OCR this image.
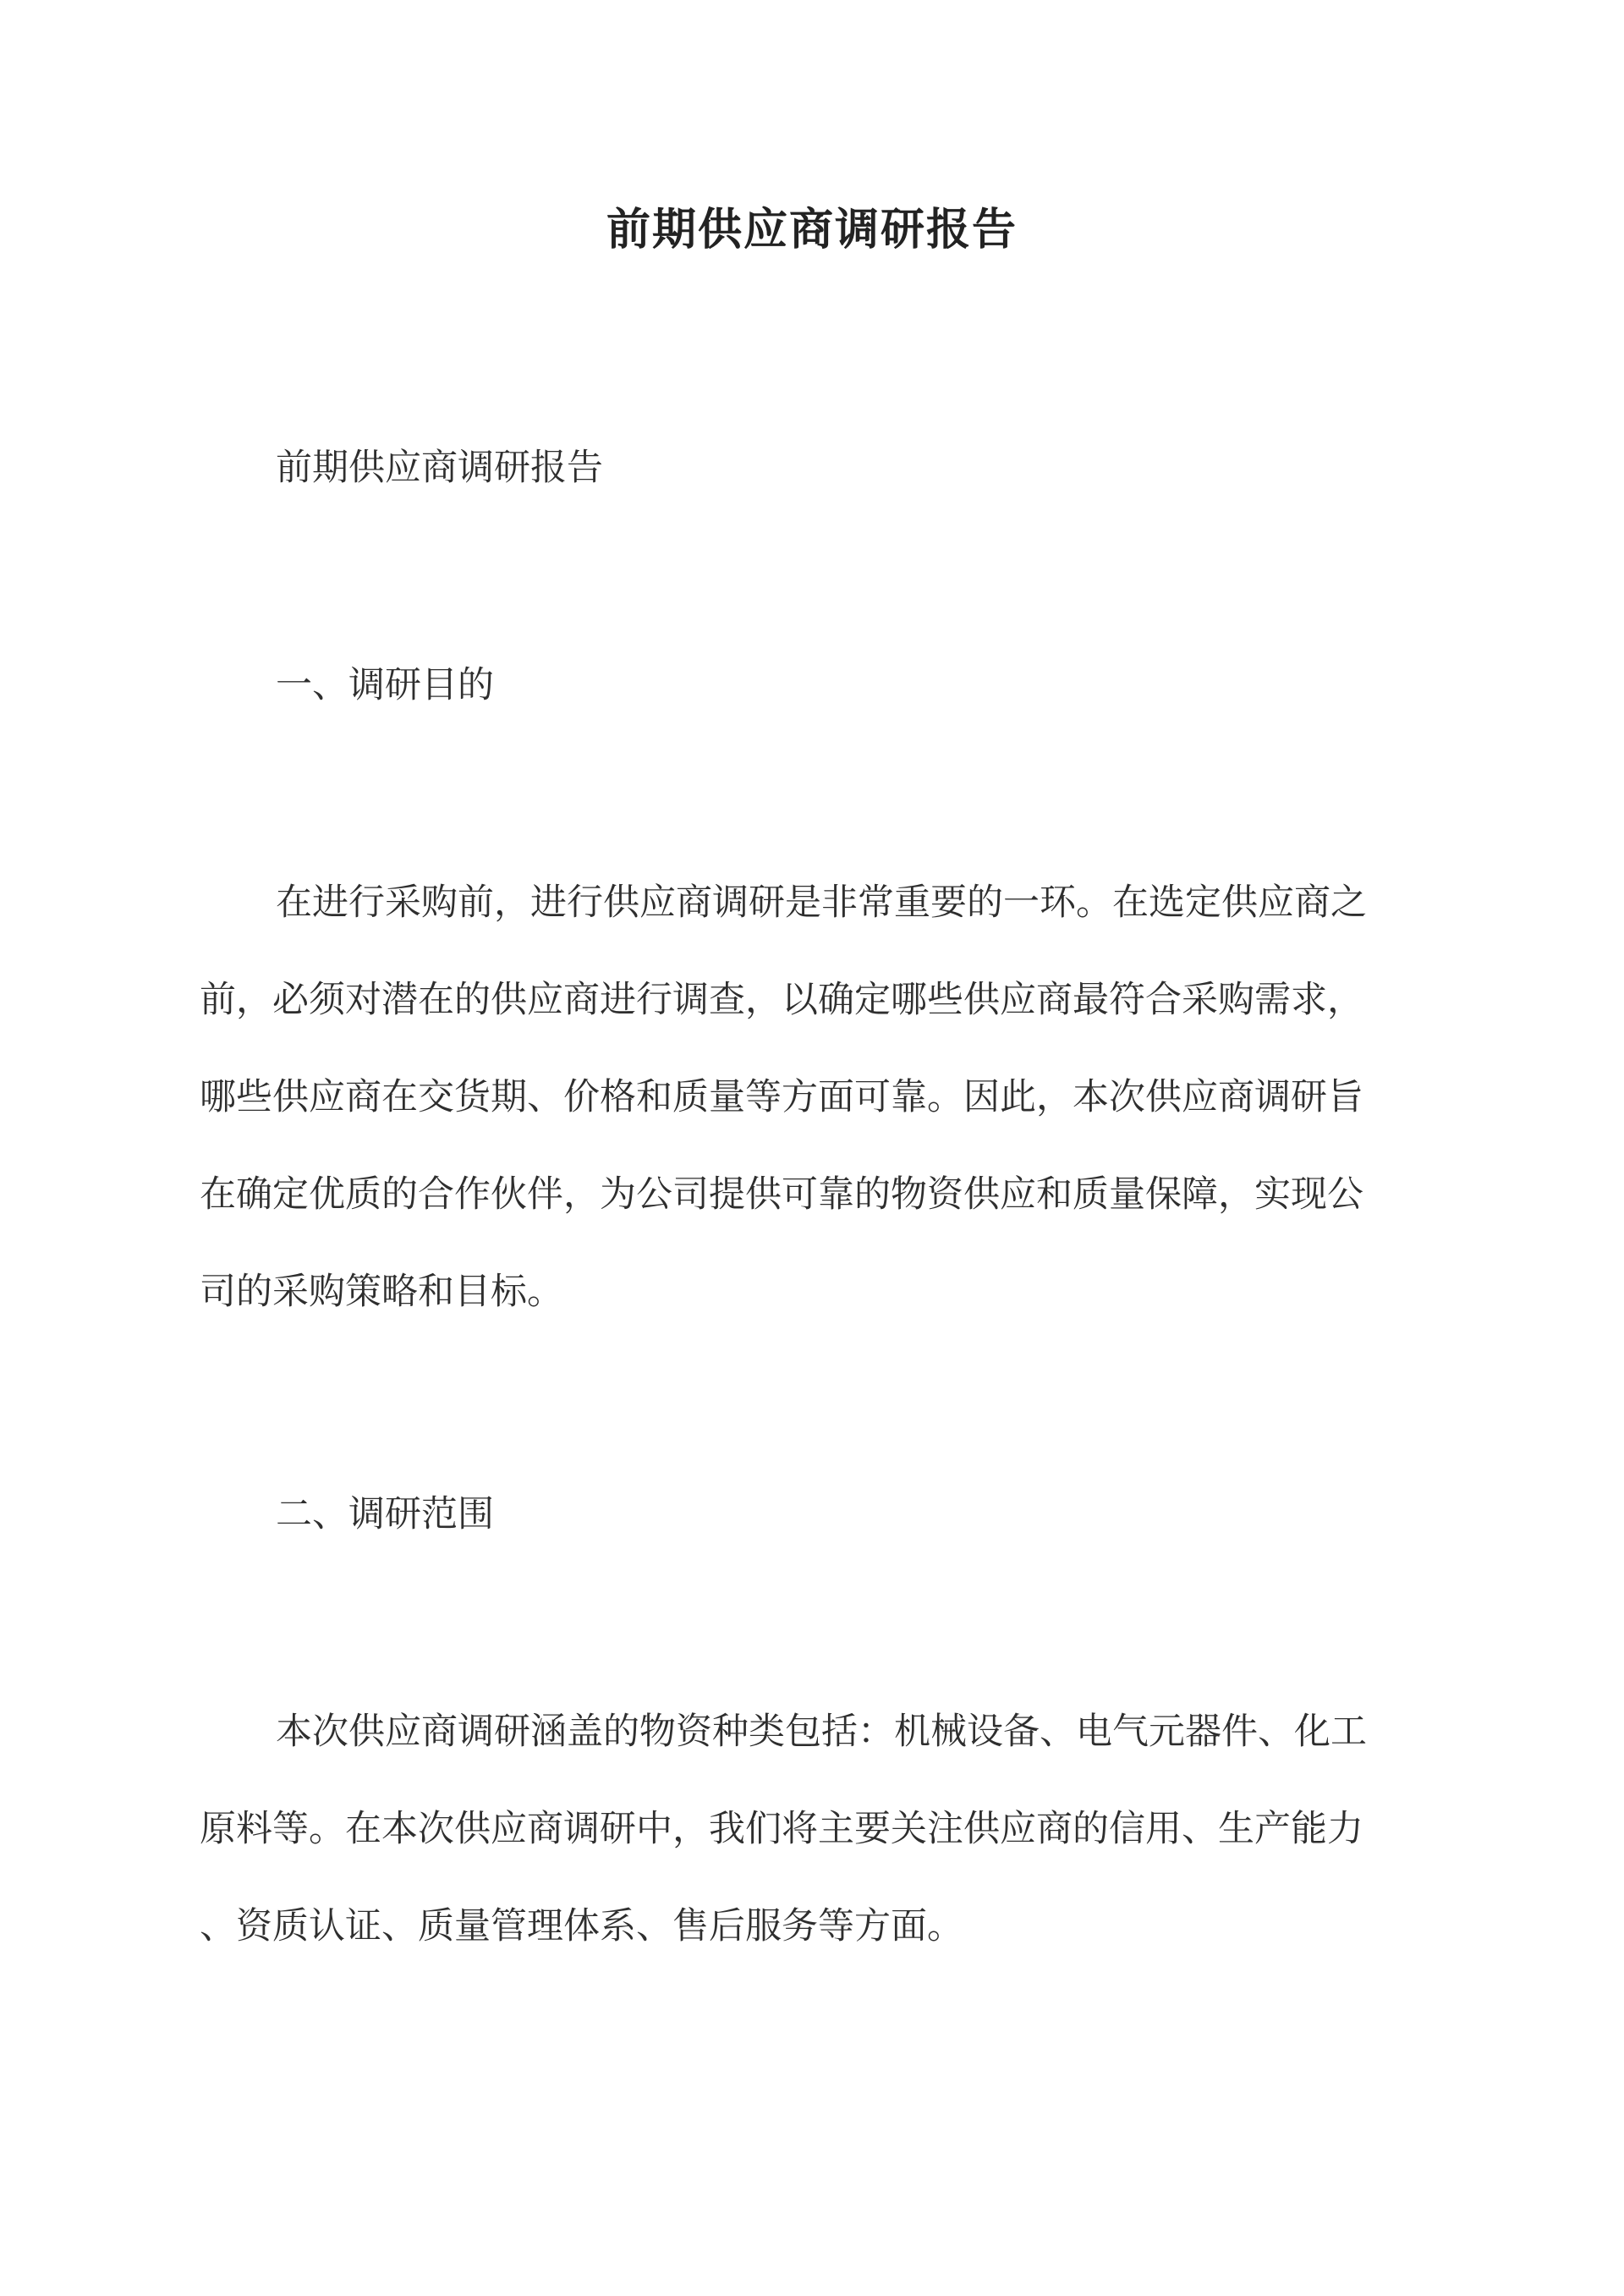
前期供应商调研报告
前期供应商调研报告
一、调研目的
在进行采购前，进行供应商调研是非常重要的一环。在选定供应商之
前，必须对潜在的供应商进行调查，以确定哪些供应商最符合采购需求，
哪些供应商在交货期、价格和质量等方面可靠。因此，本次供应商调研旨
在确定优质的合作伙伴，为公司提供可靠的物资供应和质量保障，实现公
司的采购策略和目标。
二、调研范围
本次供应商调研涵盖的物资种类包括：机械设备、电气元器件、化工
原料等。在本次供应商调研中，我们将主要关注供应商的信用、生产能力
、资质认证、质量管理体系、售后服务等方面。
